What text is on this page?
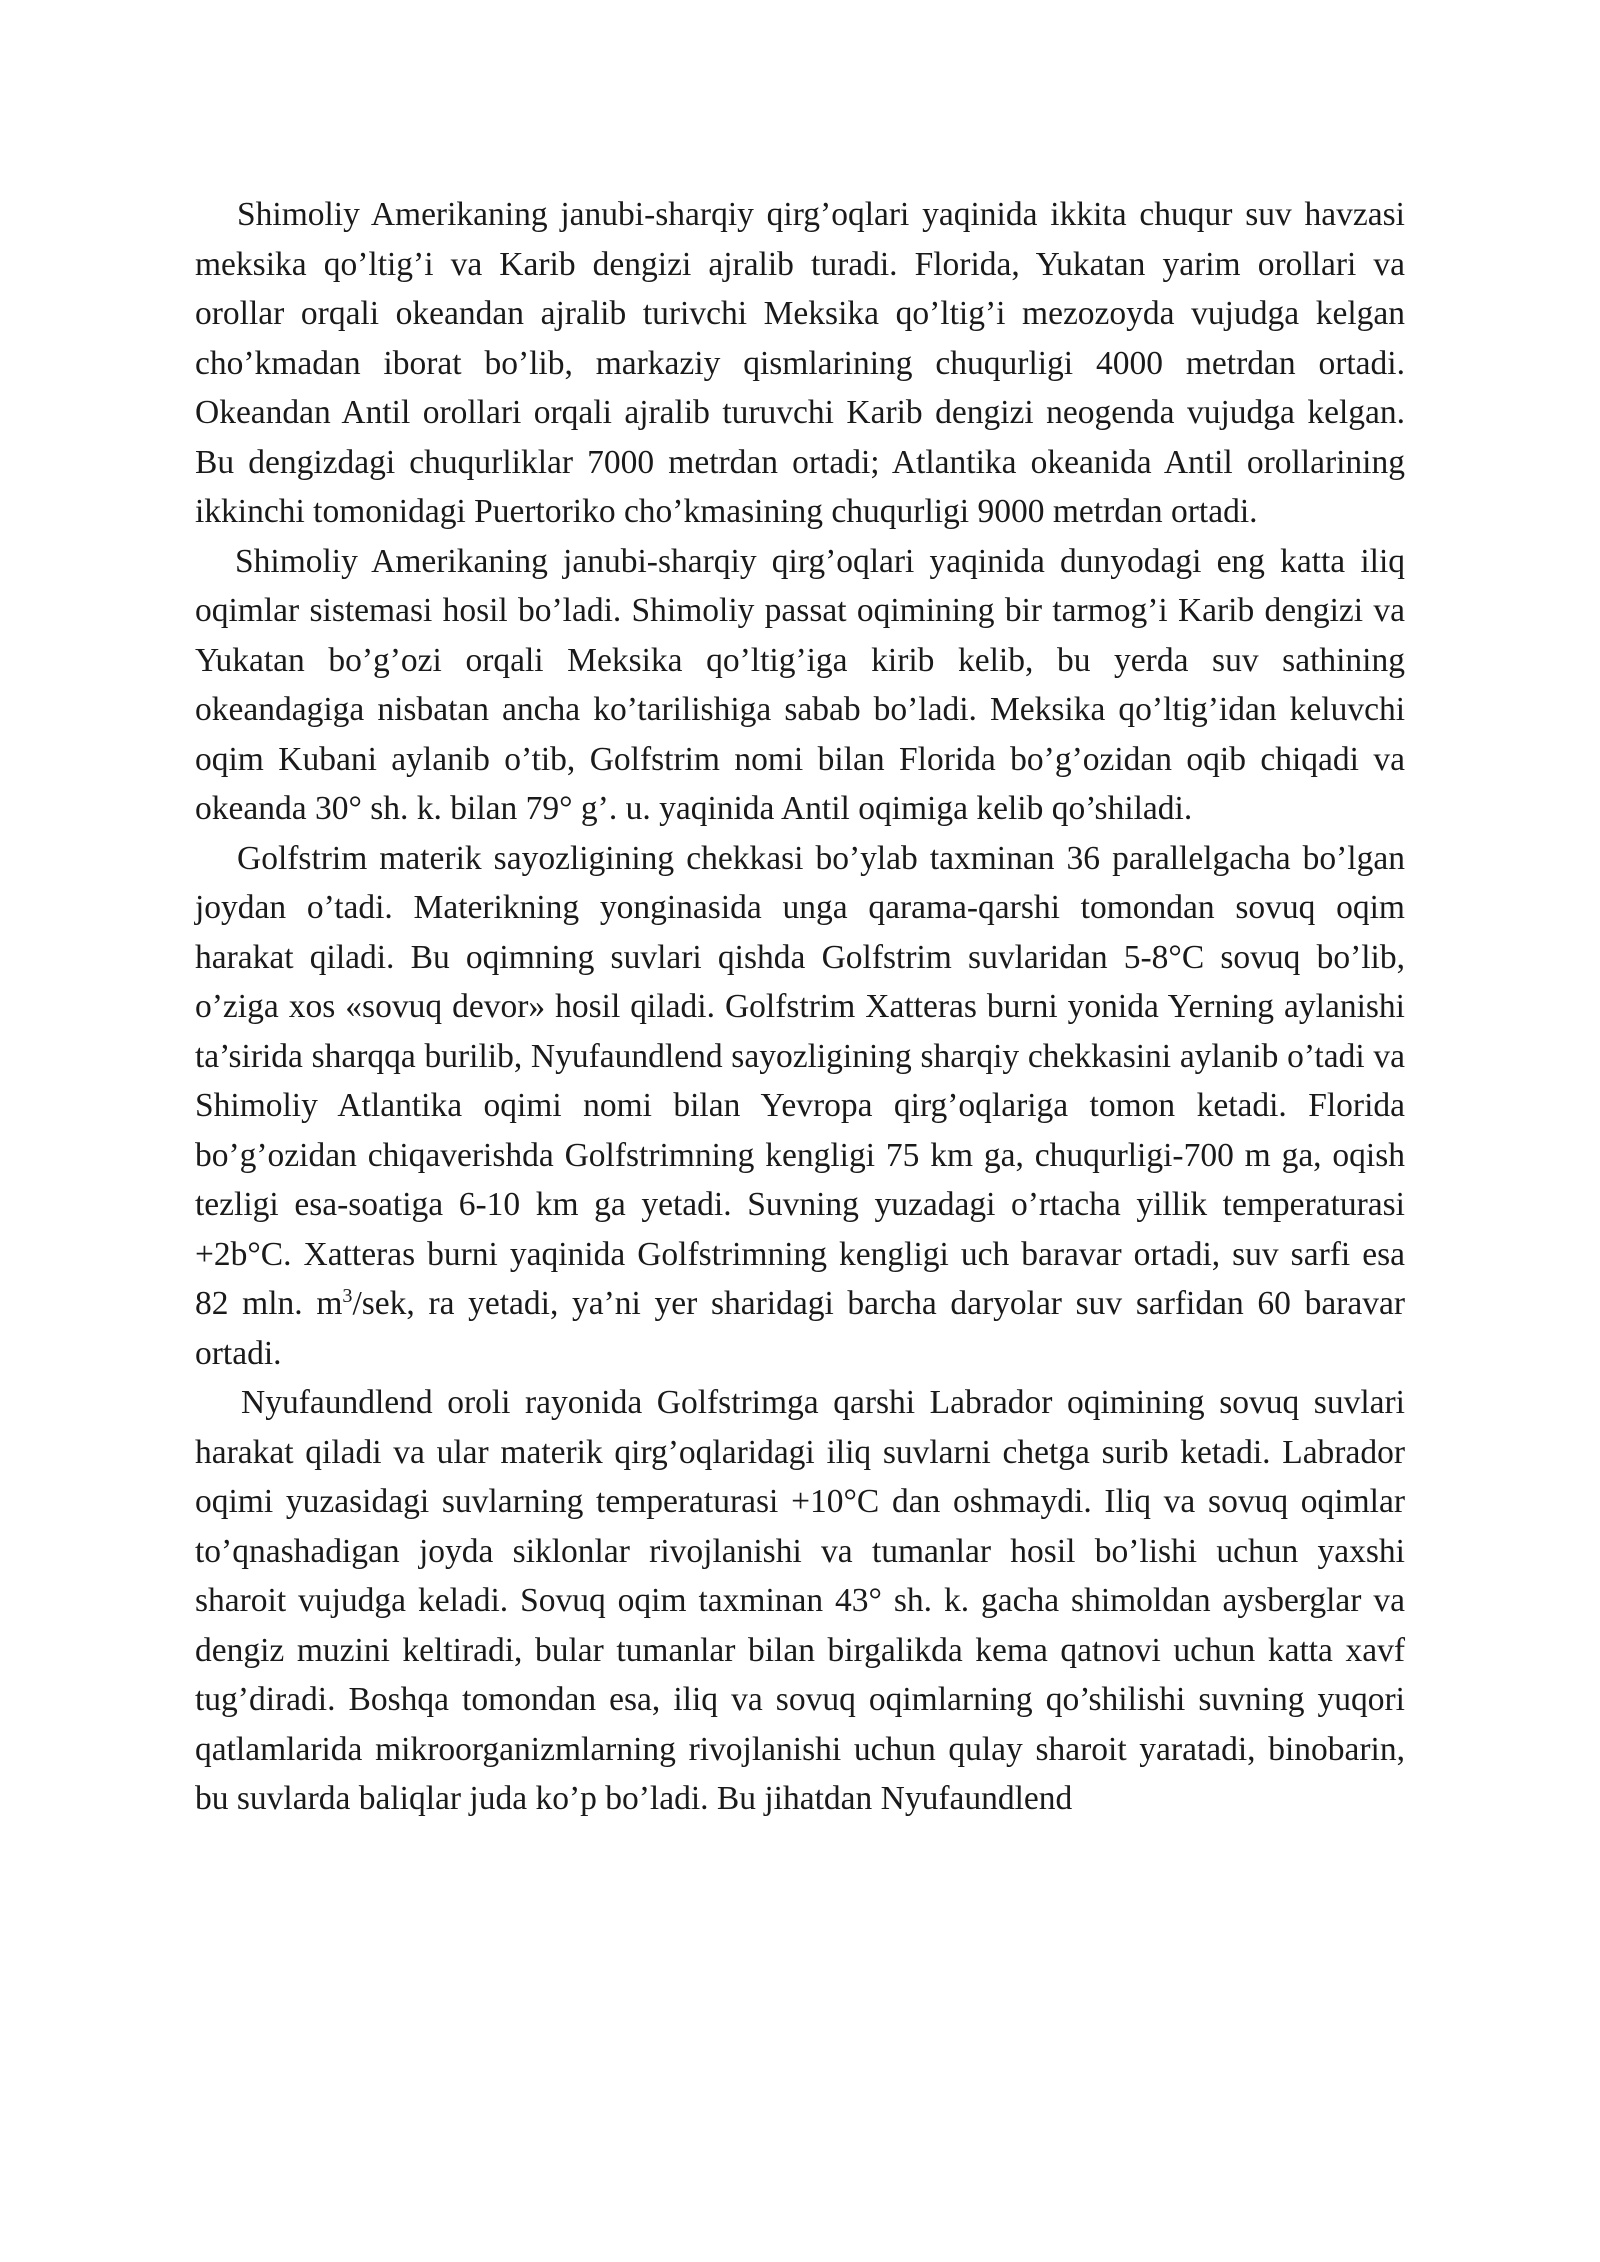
Shimoliy Amerikaning janubi-sharqiy qirg’oqlari yaqinida ikkita chuqur suv havzasi meksika qo’ltig’i va Karib dengizi ajralib turadi. Florida, Yukatan yarim orollari va orollar orqali okeandan ajralib turivchi Meksika qo’ltig’i mezozoyda vujudga kelgan cho’kmadan iborat bo’lib, markaziy qismlarining chuqurligi 4000 metrdan ortadi. Okeandan Antil orollari orqali ajralib turuvchi Karib dengizi neogenda vujudga kelgan. Bu dengizdagi chuqurliklar 7000 metrdan ortadi; Atlantika okeanida Antil orollarining ikkinchi tomonidagi Puertoriko cho’kmasining chuqurligi 9000 metrdan ortadi.

Shimoliy Amerikaning janubi-sharqiy qirg’oqlari yaqinida dunyodagi eng katta iliq oqimlar sistemasi hosil bo’ladi. Shimoliy passat oqimining bir tarmog’i Karib dengizi va Yukatan bo’g’ozi orqali Meksika qo’ltig’iga kirib kelib, bu yerda suv sathining okeandagiga nisbatan ancha ko’tarilishiga sabab bo’ladi. Meksika qo’ltig’idan keluvchi oqim Kubani aylanib o’tib, Golfstrim nomi bilan Florida bo’g’ozidan oqib chiqadi va okeanda 30° sh. k. bilan 79° g’. u. yaqinida Antil oqimiga kelib qo’shiladi.

Golfstrim materik sayozligining chekkasi bo’ylab taxminan 36 parallelgacha bo’lgan joydan o’tadi. Materikning yonginasida unga qarama-qarshi tomondan sovuq oqim harakat qiladi. Bu oqimning suvlari qishda Golfstrim suvlaridan 5-8°C sovuq bo’lib, o’ziga xos «sovuq devor» hosil qiladi. Golfstrim Xatteras burni yonida Yerning aylanishi ta’sirida sharqqa burilib, Nyufaundlend sayozligining sharqiy chekkasini aylanib o’tadi va Shimoliy Atlantika oqimi nomi bilan Yevropa qirg’oqlariga tomon ketadi. Florida bo’g’ozidan chiqaverishda Golfstrimning kengligi 75 km ga, chuqurligi-700 m ga, oqish tezligi esa-soatiga 6-10 km ga yetadi. Suvning yuzadagi o’rtacha yillik temperaturasi +2b°C. Xatteras burni yaqinida Golfstrimning kengligi uch baravar ortadi, suv sarfi esa 82 mln. $m^3$/sek, ra yetadi, ya’ni yer sharidagi barcha daryolar suv sarfidan 60 baravar ortadi.

Nyufaundlend oroli rayonida Golfstrimga qarshi Labrador oqimining sovuq suvlari harakat qiladi va ular materik qirg’oqlaridagi iliq suvlarni chetga surib ketadi. Labrador oqimi yuzasidagi suvlarning temperaturasi +10°C dan oshmaydi. Iliq va sovuq oqimlar to’qnashadigan joyda siklonlar rivojlanishi va tumanlar hosil bo’lishi uchun yaxshi sharoit vujudga keladi. Sovuq oqim taxminan 43° sh. k. gacha shimoldan aysberglar va dengiz muzini keltiradi, bular tumanlar bilan birgalikda kema qatnovi uchun katta xavf tug’diradi. Boshqa tomondan esa, iliq va sovuq oqimlarning qo’shilishi suvning yuqori qatlamlarida mikroorganizmlarning rivojlanishi uchun qulay sharoit yaratadi, binobarin, bu suvlarda baliqlar juda ko’p bo’ladi. Bu jihatdan Nyufaundlend
